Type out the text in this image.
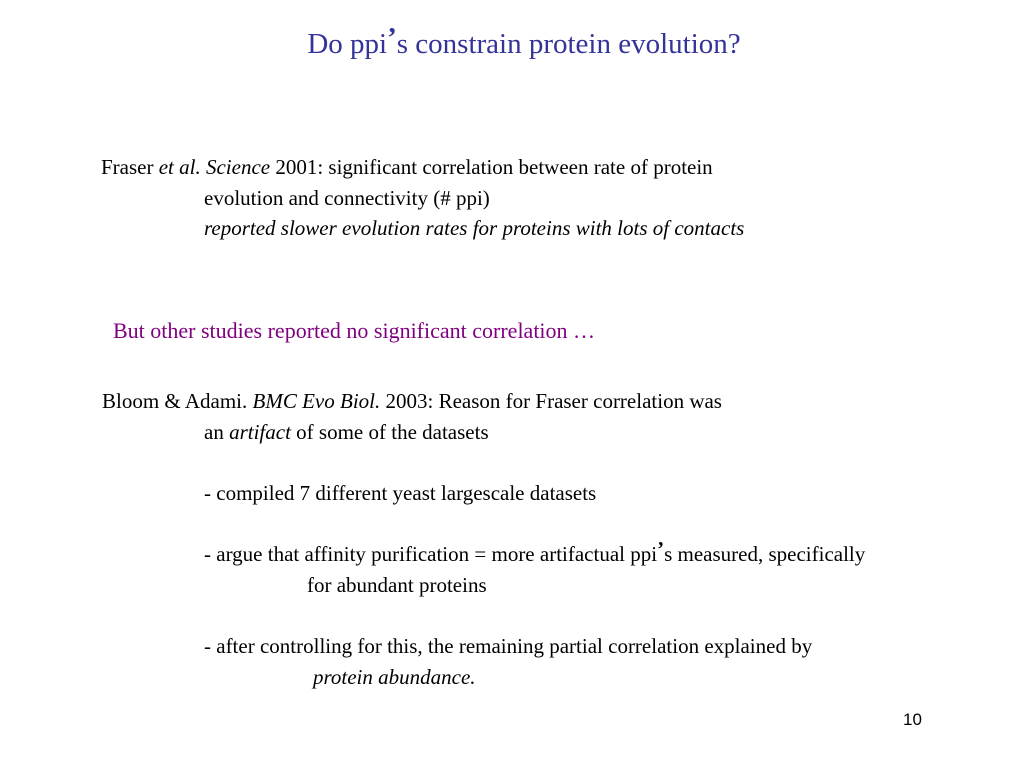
Do ppi’s constrain protein evolution?
Fraser et al. Science 2001: significant correlation between rate of protein
evolution and connectivity (# ppi)
reported slower evolution rates for proteins with lots of contacts
But other studies reported no significant correlation …
Bloom & Adami. BMC Evo Biol. 2003: Reason for Fraser correlation was
an artifact of some of the datasets
- compiled 7 different yeast largescale datasets
- argue that affinity purification = more artifactual ppi’s measured, specifically
for abundant proteins
- after controlling for this, the remaining partial correlation explained by
protein abundance.
10
